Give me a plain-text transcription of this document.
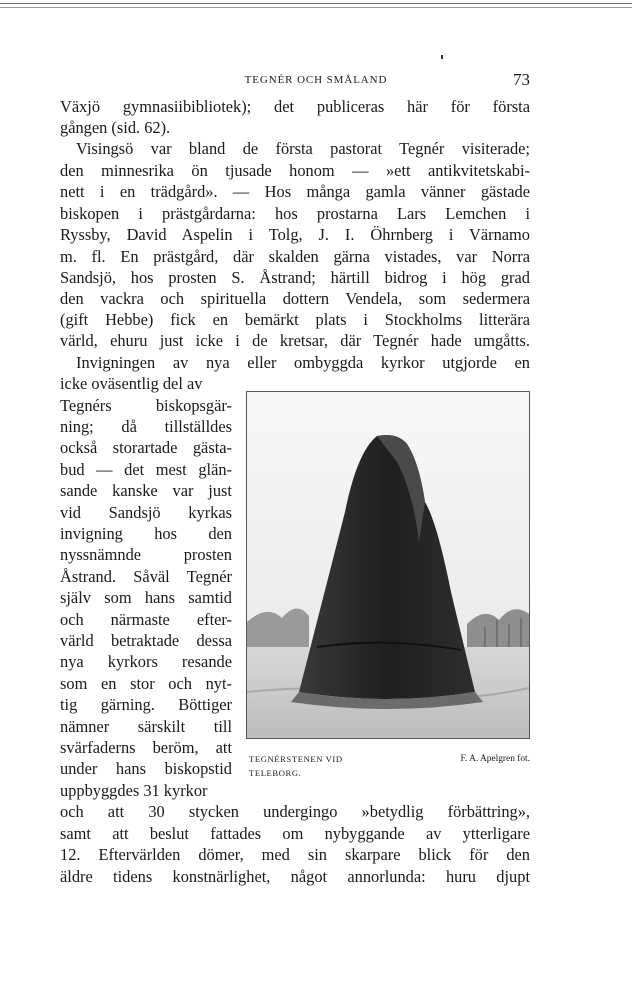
TEGNÉR OCH SMÅLAND	73
Växjö gymnasiibibliotek); det publiceras här för första
gången (sid. 62).
Visingsö var bland de första pastorat Tegnér visiterade;
den minnesrika ön tjusade honom — »ett antikvitetskabi-
nett i en trädgård». — Hos många gamla vänner gästade
biskopen i prästgårdarna: hos prostarna Lars Lemchen i
Ryssby, David Aspelin i Tolg, J. I. Öhrnberg i Värnamo
m. fl. En prästgård, där skalden gärna vistades, var Norra
Sandsjö, hos prosten S. Åstrand; härtill bidrog i hög grad
den vackra och spirituella dottern Vendela, som sedermera
(gift Hebbe) fick en bemärkt plats i Stockholms litterära
värld, ehuru just icke i de kretsar, där Tegnér hade umgåtts.
Invigningen av nya eller ombyggda kyrkor utgjorde en
icke oväsentlig del av
Tegnérs biskopsgär-
ning; då tillställdes
också storartade gästa-
bud — det mest glän-
sande kanske var just
vid Sandsjö kyrkas
invigning hos den
nyssnämnde prosten
Åstrand. Såväl Tegnér
själv som hans samtid
och närmaste efter-
värld betraktade dessa
nya kyrkors resande
som en stor och nyt-
tig gärning. Böttiger
nämner särskilt till
svärfaderns beröm, att
under hans biskopstid
uppbyggdes 31 kyrkor
TEGNÉRSTENEN VID
TELEBORG.
F. A. Apelgren fot.
och att 30 stycken undergingo »betydlig förbättring»,
samt att beslut fattades om nybyggande av ytterligare
12. Eftervärlden dömer, med sin skarpare blick för den
äldre tidens konstnärlighet, något annorlunda: huru djupt
